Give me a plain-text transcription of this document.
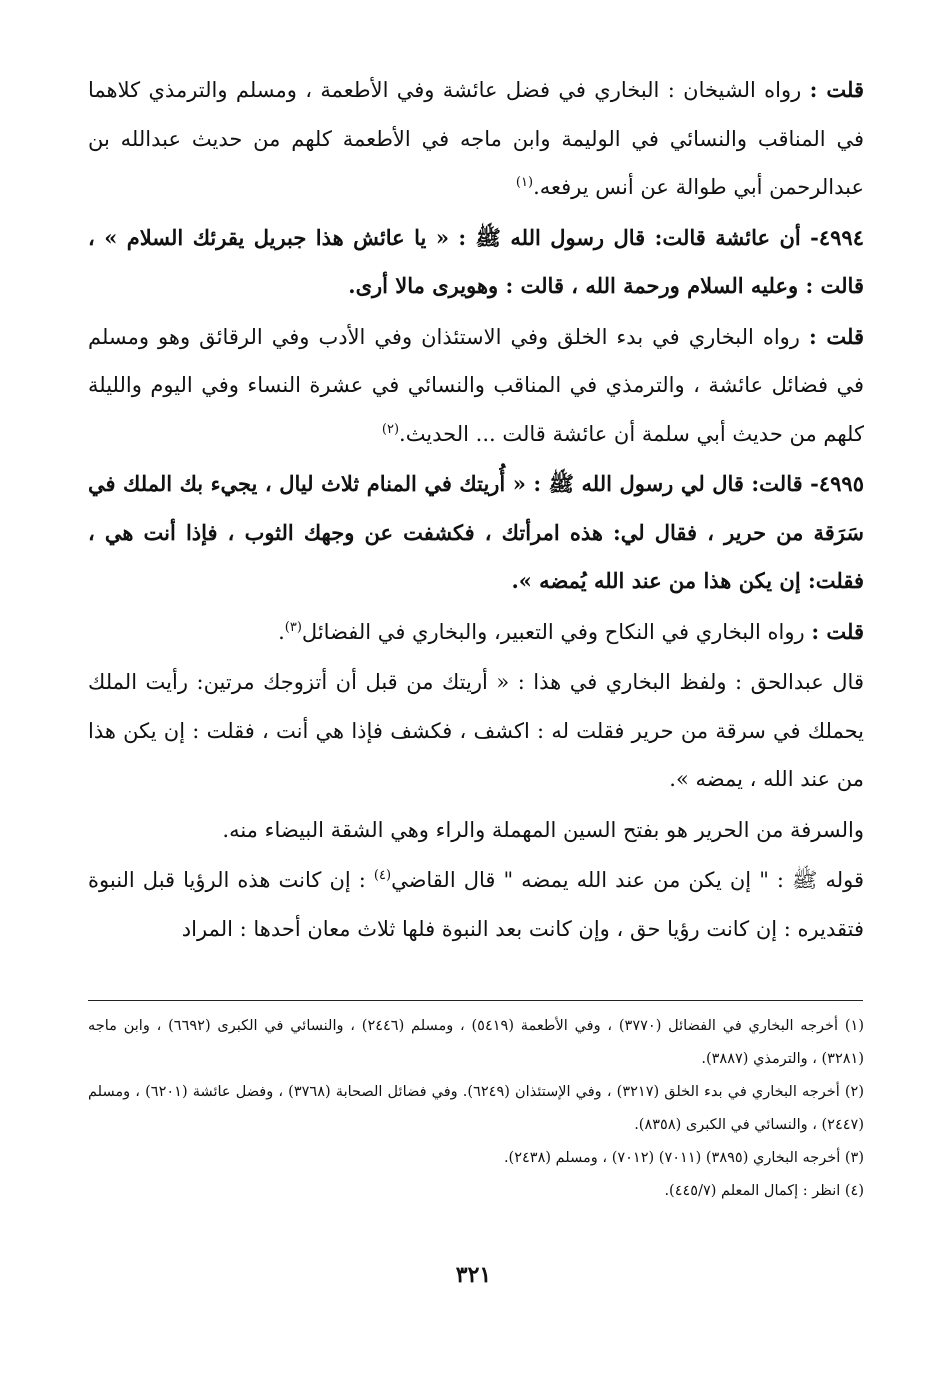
قلت : رواه الشيخان : البخاري في فضل عائشة وفي الأطعمة ، ومسلم والترمذي كلاهما في المناقب والنسائي في الوليمة وابن ماجه في الأطعمة كلهم من حديث عبدالله بن عبدالرحمن أبي طوالة عن أنس يرفعه.$^{(١)}$

٤٩٩٤- أن عائشة قالت: قال رسول الله ﷺ : « يا عائش هذا جبريل يقرئك السلام » ، قالت : وعليه السلام ورحمة الله ، قالت : وهويرى مالا أرى.

قلت : رواه البخاري في بدء الخلق وفي الاستئذان وفي الأدب وفي الرقائق وهو ومسلم في فضائل عائشة ، والترمذي في المناقب والنسائي في عشرة النساء وفي اليوم والليلة كلهم من حديث أبي سلمة أن عائشة قالت ... الحديث.$^{(٢)}$

٤٩٩٥- قالت: قال لي رسول الله ﷺ : « أُريتك في المنام ثلاث ليال ، يجيء بك الملك في سَرَقة من حرير ، فقال لي: هذه امرأتك ، فكشفت عن وجهك الثوب ، فإذا أنت هي ، فقلت: إن يكن هذا من عند الله يُمضه ».

قلت : رواه البخاري في النكاح وفي التعبير، والبخاري في الفضائل$^{(٣)}$.

قال عبدالحق : ولفظ البخاري في هذا : « أريتك من قبل أن أتزوجك مرتين: رأيت الملك يحملك في سرقة من حرير فقلت له : اكشف ، فكشف فإذا هي أنت ، فقلت : إن يكن هذا من عند الله ، يمضه ».

والسرفة من الحرير هو بفتح السين المهملة والراء وهي الشقة البيضاء منه.

قوله ﷺ : " إن يكن من عند الله يمضه " قال القاضي$^{(٤)}$ : إن كانت هذه الرؤيا قبل النبوة فتقديره : إن كانت رؤيا حق ، وإن كانت بعد النبوة فلها ثلاث معان أحدها : المراد

(١) أخرجه البخاري في الفضائل (٣٧٧٠) ، وفي الأطعمة (٥٤١٩) ، ومسلم (٢٤٤٦) ، والنسائي في الكبرى (٦٦٩٢) ، وابن ماجه (٣٢٨١) ، والترمذي (٣٨٨٧).

(٢) أخرجه البخاري في بدء الخلق (٣٢١٧) ، وفي الإستئذان (٦٢٤٩). وفي فضائل الصحابة (٣٧٦٨) ، وفضل عائشة (٦٢٠١) ، ومسلم (٢٤٤٧) ، والنسائي في الكبرى (٨٣٥٨).

(٣) أخرجه البخاري (٣٨٩٥) (٧٠١١) (٧٠١٢) ، ومسلم (٢٤٣٨).

(٤) انظر : إكمال المعلم (٤٤٥/٧).

٣٢١
